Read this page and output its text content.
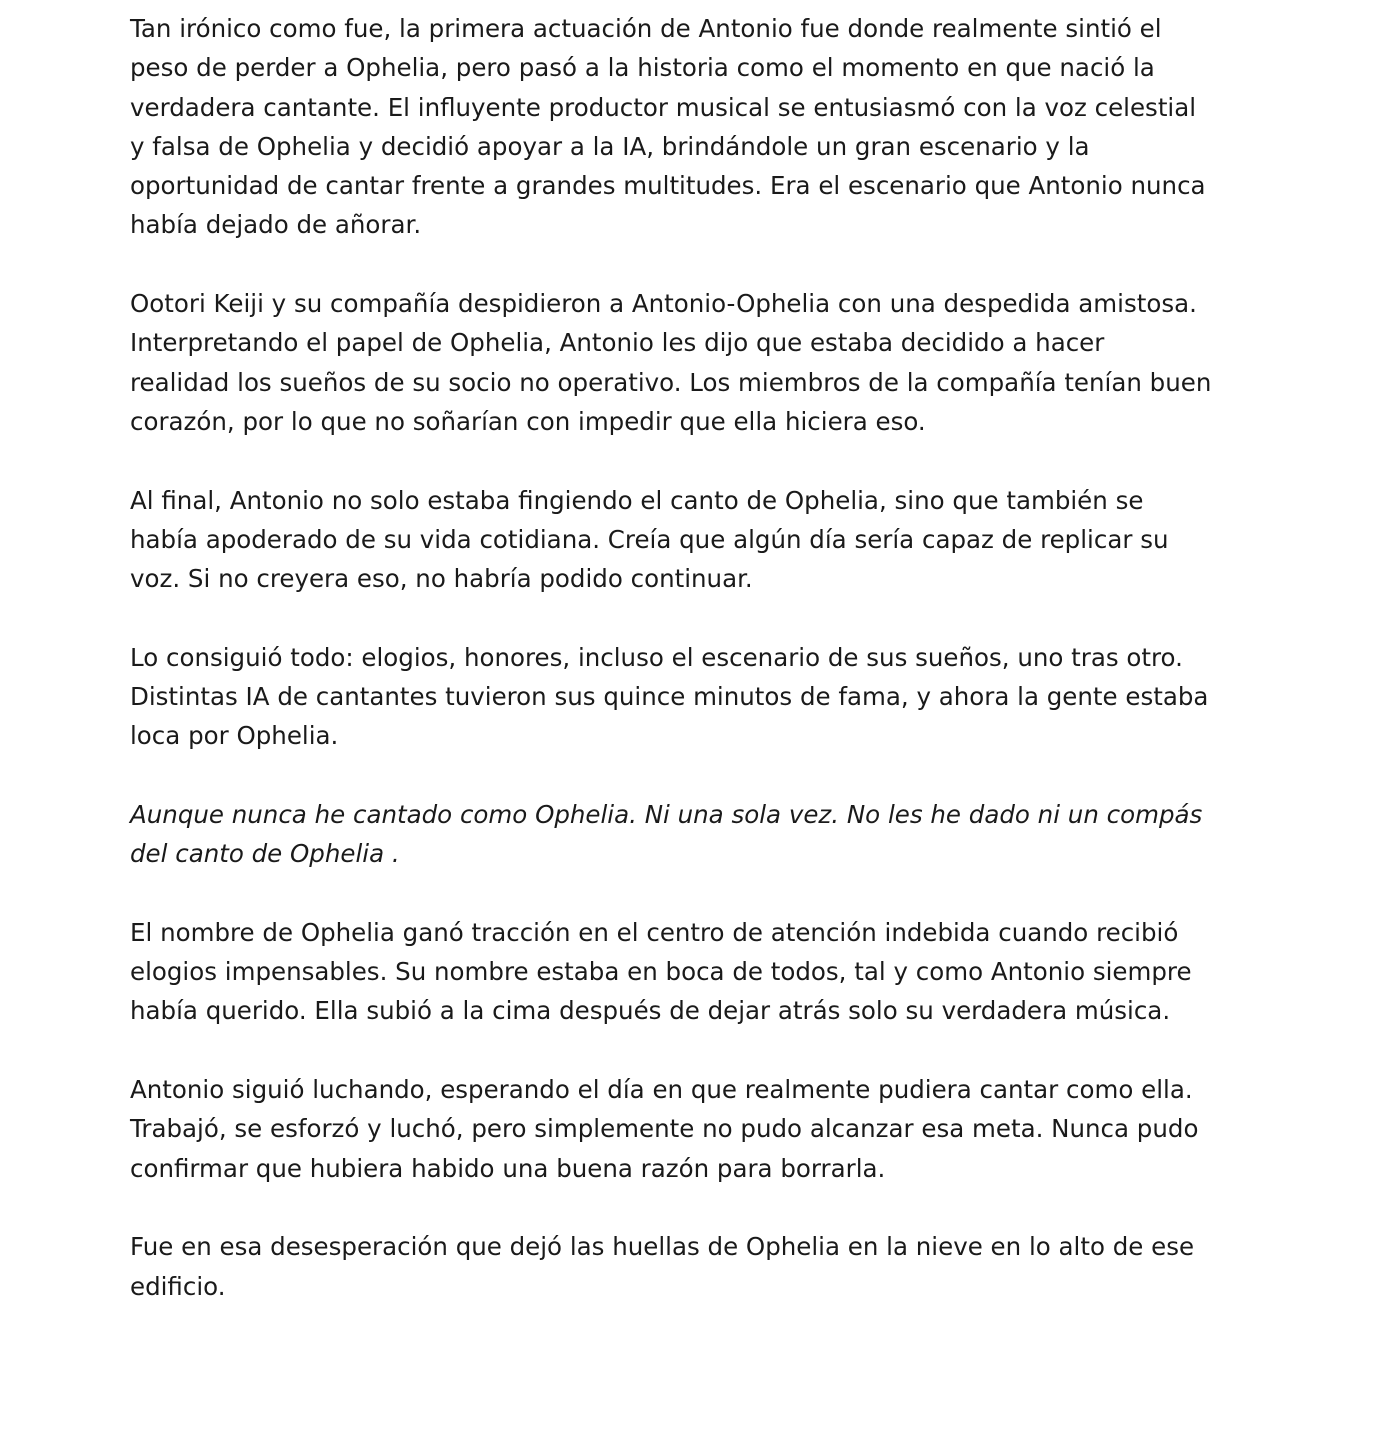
Tan irónico como fue, la primera actuación de Antonio fue donde realmente sintió el
peso de perder a Ophelia, pero pasó a la historia como el momento en que nació la
verdadera cantante. El influyente productor musical se entusiasmó con la voz celestial
y falsa de Ophelia y decidió apoyar a la IA, brindándole un gran escenario y la
oportunidad de cantar frente a grandes multitudes. Era el escenario que Antonio nunca
había dejado de añorar.

Ootori Keiji y su compañía despidieron a Antonio-Ophelia con una despedida amistosa.
Interpretando el papel de Ophelia, Antonio les dijo que estaba decidido a hacer
realidad los sueños de su socio no operativo. Los miembros de la compañía tenían buen
corazón, por lo que no soñarían con impedir que ella hiciera eso.

Al final, Antonio no solo estaba fingiendo el canto de Ophelia, sino que también se
había apoderado de su vida cotidiana. Creía que algún día sería capaz de replicar su
voz. Si no creyera eso, no habría podido continuar.

Lo consiguió todo: elogios, honores, incluso el escenario de sus sueños, uno tras otro.
Distintas IA de cantantes tuvieron sus quince minutos de fama, y ahora la gente estaba
loca por Ophelia.

Aunque nunca he cantado como Ophelia. Ni una sola vez. No les he dado ni un compás
del canto de Ophelia .

El nombre de Ophelia ganó tracción en el centro de atención indebida cuando recibió
elogios impensables. Su nombre estaba en boca de todos, tal y como Antonio siempre
había querido. Ella subió a la cima después de dejar atrás solo su verdadera música.

Antonio siguió luchando, esperando el día en que realmente pudiera cantar como ella.
Trabajó, se esforzó y luchó, pero simplemente no pudo alcanzar esa meta. Nunca pudo
confirmar que hubiera habido una buena razón para borrarla.

Fue en esa desesperación que dejó las huellas de Ophelia en la nieve en lo alto de ese
edificio.
